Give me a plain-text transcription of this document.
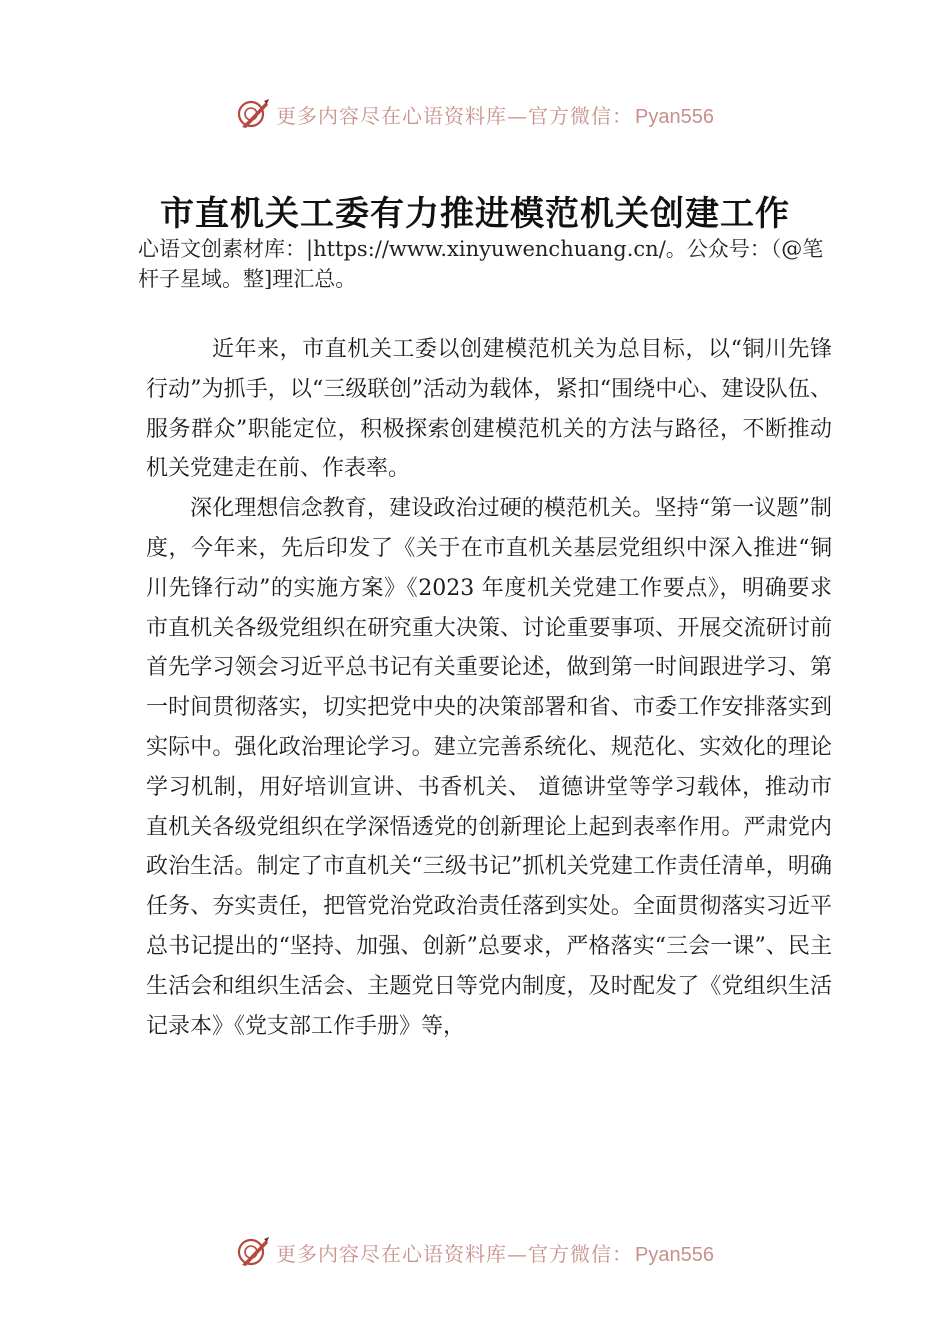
更多内容尽在心语资料库—官方微信： Pyan556
市直机关工委有力推进模范机关创建工作
心语文创素材库：|https://www.xinyuwenchuang.cn/。公众号：（@笔杆子星域。整]理汇总。

近年来，市直机关工委以创建模范机关为总目标，以“铜川先锋行动”为抓手，以“三级联创”活动为载体，紧扣“围绕中心、建设队伍、服务群众”职能定位，积极探索创建模范机关的方法与路径，不断推动机关党建走在前、作表率。

深化理想信念教育，建设政治过硬的模范机关。坚持“第一议题”制度，今年来，先后印发了《关于在市直机关基层党组织中深入推进“铜川先锋行动”的实施方案》《2023 年度机关党建工作要点》，明确要求市直机关各级党组织在研究重大决策、讨论重要事项、开展交流研讨前首先学习领会习近平总书记有关重要论述，做到第一时间跟进学习、第一时间贯彻落实，切实把党中央的决策部署和省、市委工作安排落实到实际中。强化政治理论学习。建立完善系统化、规范化、实效化的理论学习机制，用好培训宣讲、书香机关、 道德讲堂等学习载体，推动市直机关各级党组织在学深悟透党的创新理论上起到表率作用。严肃党内政治生活。制定了市直机关“三级书记”抓机关党建工作责任清单，明确任务、夯实责任，把管党治党政治责任落到实处。全面贯彻落实习近平总书记提出的“坚持、加强、创新”总要求，严格落实“三会一课”、民主生活会和组织生活会、主题党日等党内制度，及时配发了《党组织生活记录本》《党支部工作手册》等，

更多内容尽在心语资料库—官方微信： Pyan556
